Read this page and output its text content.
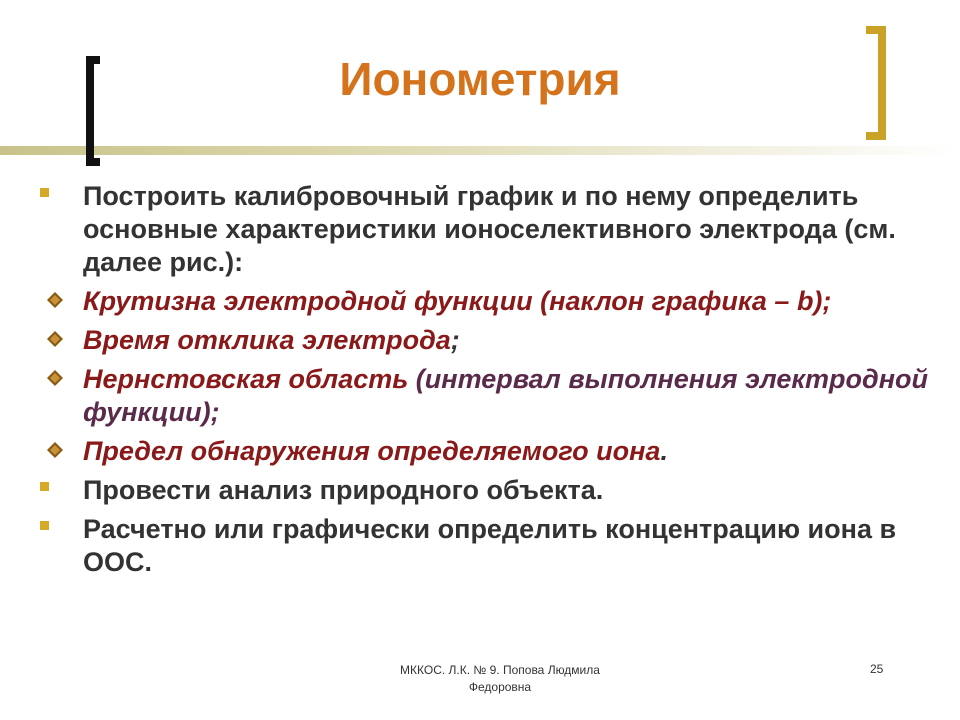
Ионометрия
Построить калибровочный график и по нему определить основные характеристики ионоселективного электрода (см. далее рис.):
Крутизна электродной функции (наклон графика – b);
Время отклика электрода;
Нернстовская область (интервал выполнения электродной функции);
Предел обнаружения определяемого иона.
Провести анализ природного объекта.
Расчетно или графически определить концентрацию иона в ООС.
МККОС. Л.К. № 9. Попова Людмила
Федоровна
25
